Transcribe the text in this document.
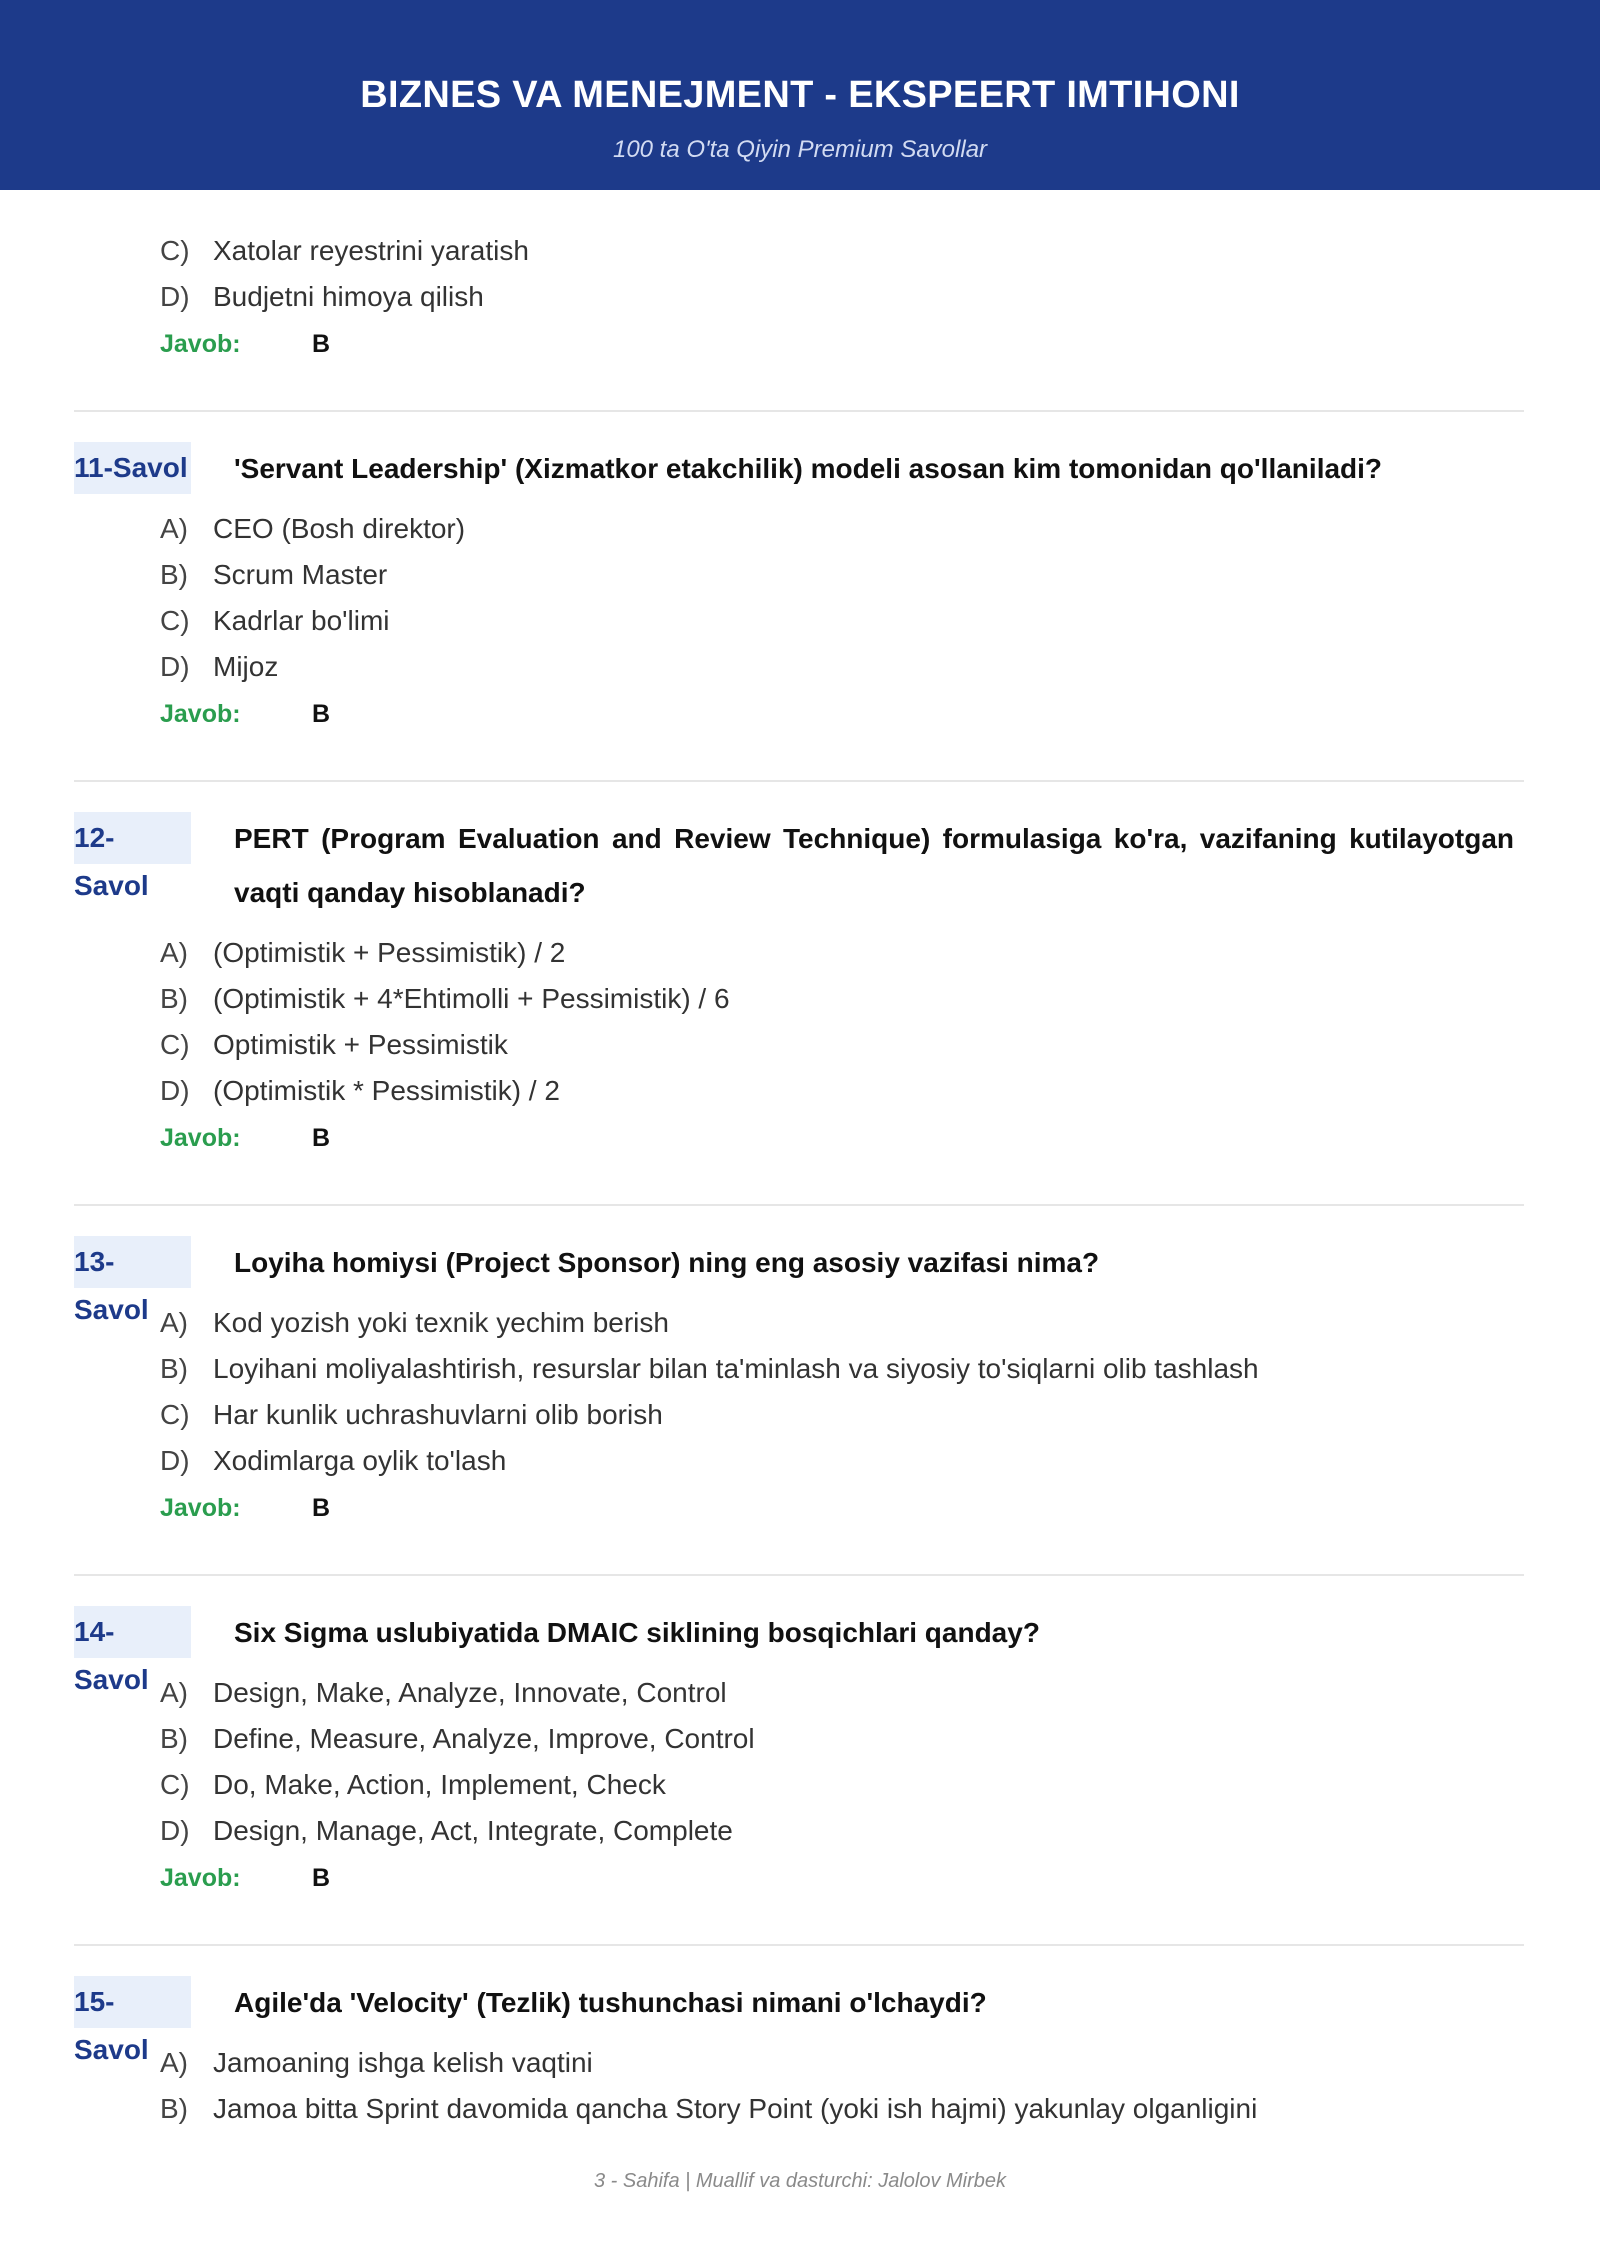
BIZNES VA MENEJMENT - EKSPEERT IMTIHONI
100 ta O'ta Qiyin Premium Savollar
C) Xatolar reyestrini yaratish
D) Budjetni himoya qilish
Javob:	B
11-Savol 'Servant Leadership' (Xizmatkor etakchilik) modeli asosan kim tomonidan qo'llaniladi?
A) CEO (Bosh direktor)
B) Scrum Master
C) Kadrlar bo'limi
D) Mijoz
Javob:	B
12-Savol
PERT (Program Evaluation and Review Technique) formulasiga ko'ra, vazifaning kutilayotgan vaqti qanday hisoblanadi?
A) (Optimistik + Pessimistik) / 2
B) (Optimistik + 4*Ehtimolli + Pessimistik) / 6
C) Optimistik + Pessimistik
D) (Optimistik * Pessimistik) / 2
Javob:	B
13-Savol
Loyiha homiysi (Project Sponsor) ning eng asosiy vazifasi nima?
A) Kod yozish yoki texnik yechim berish
B) Loyihani moliyalashtirish, resurslar bilan ta'minlash va siyosiy to'siqlarni olib tashlash
C) Har kunlik uchrashuvlarni olib borish
D) Xodimlarga oylik to'lash
Javob:	B
14-Savol
Six Sigma uslubiyatida DMAIC siklining bosqichlari qanday?
A) Design, Make, Analyze, Innovate, Control
B) Define, Measure, Analyze, Improve, Control
C) Do, Make, Action, Implement, Check
D) Design, Manage, Act, Integrate, Complete
Javob:	B
15-Savol
Agile'da 'Velocity' (Tezlik) tushunchasi nimani o'lchaydi?
A) Jamoaning ishga kelish vaqtini
B) Jamoa bitta Sprint davomida qancha Story Point (yoki ish hajmi) yakunlay olganligini
3 - Sahifa | Muallif va dasturchi: Jalolov Mirbek
